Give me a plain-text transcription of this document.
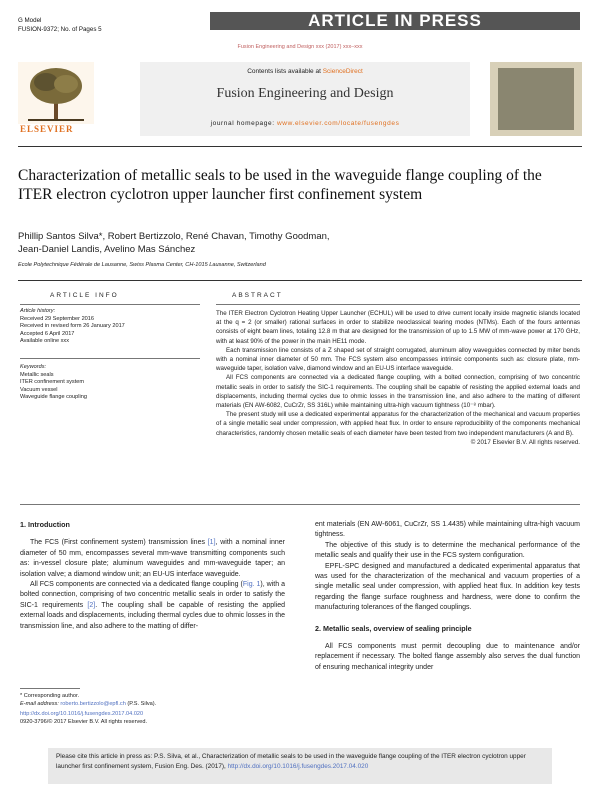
G Model
FUSION-9372; No. of Pages 5	ARTICLE IN PRESS
Fusion Engineering and Design xxx (2017) xxx–xxx
ELSEVIER
Contents lists available at ScienceDirect
Fusion Engineering and Design
journal homepage: www.elsevier.com/locate/fusengdes
Characterization of metallic seals to be used in the waveguide flange coupling of the ITER electron cyclotron upper launcher first confinement system
Phillip Santos Silva*, Robert Bertizzolo, René Chavan, Timothy Goodman,
Jean-Daniel Landis, Avelino Mas Sánchez
Ecole Polytechnique Fédérale de Lausanne, Swiss Plasma Center, CH-1015 Lausanne, Switzerland
ARTICLE INFO
Article history:
Received 29 September 2016
Received in revised form 26 January 2017
Accepted 6 April 2017
Available online xxx
Keywords:
Metallic seals
ITER confinement system
Vacuum vessel
Waveguide flange coupling
ABSTRACT

The ITER Electron Cyclotron Heating Upper Launcher (ECHUL) will be used to drive current locally inside magnetic islands located at the q = 2 (or smaller) rational surfaces in order to stabilize neoclassical tearing modes (NTMs). Each of the fours antennas consists of eight beam lines, totaling 12.8 m that are designed for the transmission of up to 1.5 MW of mm-wave power at 170 GHz, with at least 90% of the power in the main HE11 mode.

Each transmission line consists of a Z shaped set of straight corrugated, aluminum alloy waveguides connected by miter bends with a nominal inner diameter of 50 mm. The FCS system also encompasses intrinsic components such as: closure plate, mm-waveguide taper, isolation valve, diamond window and an EU-US interface waveguide.

All FCS components are connected via a dedicated flange coupling, with a bolted connection, comprising of two concentric metallic seals in order to satisfy the SIC-1 requirements. The coupling shall be capable of resisting the applied external loads and displacements, including thermal cycles due to ohmic losses in the transmission line, and also adhere to the matting of different materials (EN AW-6082, CuCrZr, SS 316L) while maintaining ultra-high vacuum tightness (10⁻⁸ mbar).

The present study will use a dedicated experimental apparatus for the characterization of the mechanical and vacuum properties of a single metallic seal under compression, with applied heat flux. In order to ensure reproducibility of the components mechanical characteristics, randomly chosen metallic seals of each diameter have been tested from two independent manufacturers (A and B).

© 2017 Elsevier B.V. All rights reserved.
1. Introduction

The FCS (First confinement system) transmission lines [1], with a nominal inner diameter of 50 mm, encompasses several mm-wave transmitting components such as: in-vessel closure plate; aluminum waveguides and mm-waveguide taper; an isolation valve; a diamond window unit; an EU-US interface waveguide.

All FCS components are connected via a dedicated flange coupling (Fig. 1), with a bolted connection, comprising of two concentric metallic seals in order to satisfy the SIC-1 requirements [2]. The coupling shall be capable of resisting the applied external loads and displacements, including thermal cycles due to ohmic losses in the transmission line, and also adhere to the matting of differ-

ent materials (EN AW-6061, CuCrZr, SS 1.4435) while maintaining ultra-high vacuum tightness.

The objective of this study is to determine the mechanical performance of the metallic seals and qualify their use in the FCS system configuration.

EPFL-SPC designed and manufactured a dedicated experimental apparatus that was used for the characterization of the mechanical and vacuum properties of a single metallic seal under compression, with applied heat flux. In addition key tests regarding the flange surface roughness and hardness, were done to confirm the manufacturing tolerances of the flanged couplings.

2. Metallic seals, overview of sealing principle

All FCS components must permit decoupling due to maintenance and/or replacement if necessary. The bolted flange assembly also serves the dual function of ensuring mechanical integrity under

* Corresponding author.
E-mail address: roberto.bertizzolo@epfl.ch (P.S. Silva).
http://dx.doi.org/10.1016/j.fusengdes.2017.04.020
0920-3796/© 2017 Elsevier B.V. All rights reserved.
Please cite this article in press as: P.S. Silva, et al., Characterization of metallic seals to be used in the waveguide flange coupling of the ITER electron cyclotron upper launcher first confinement system, Fusion Eng. Des. (2017), http://dx.doi.org/10.1016/j.fusengdes.2017.04.020
